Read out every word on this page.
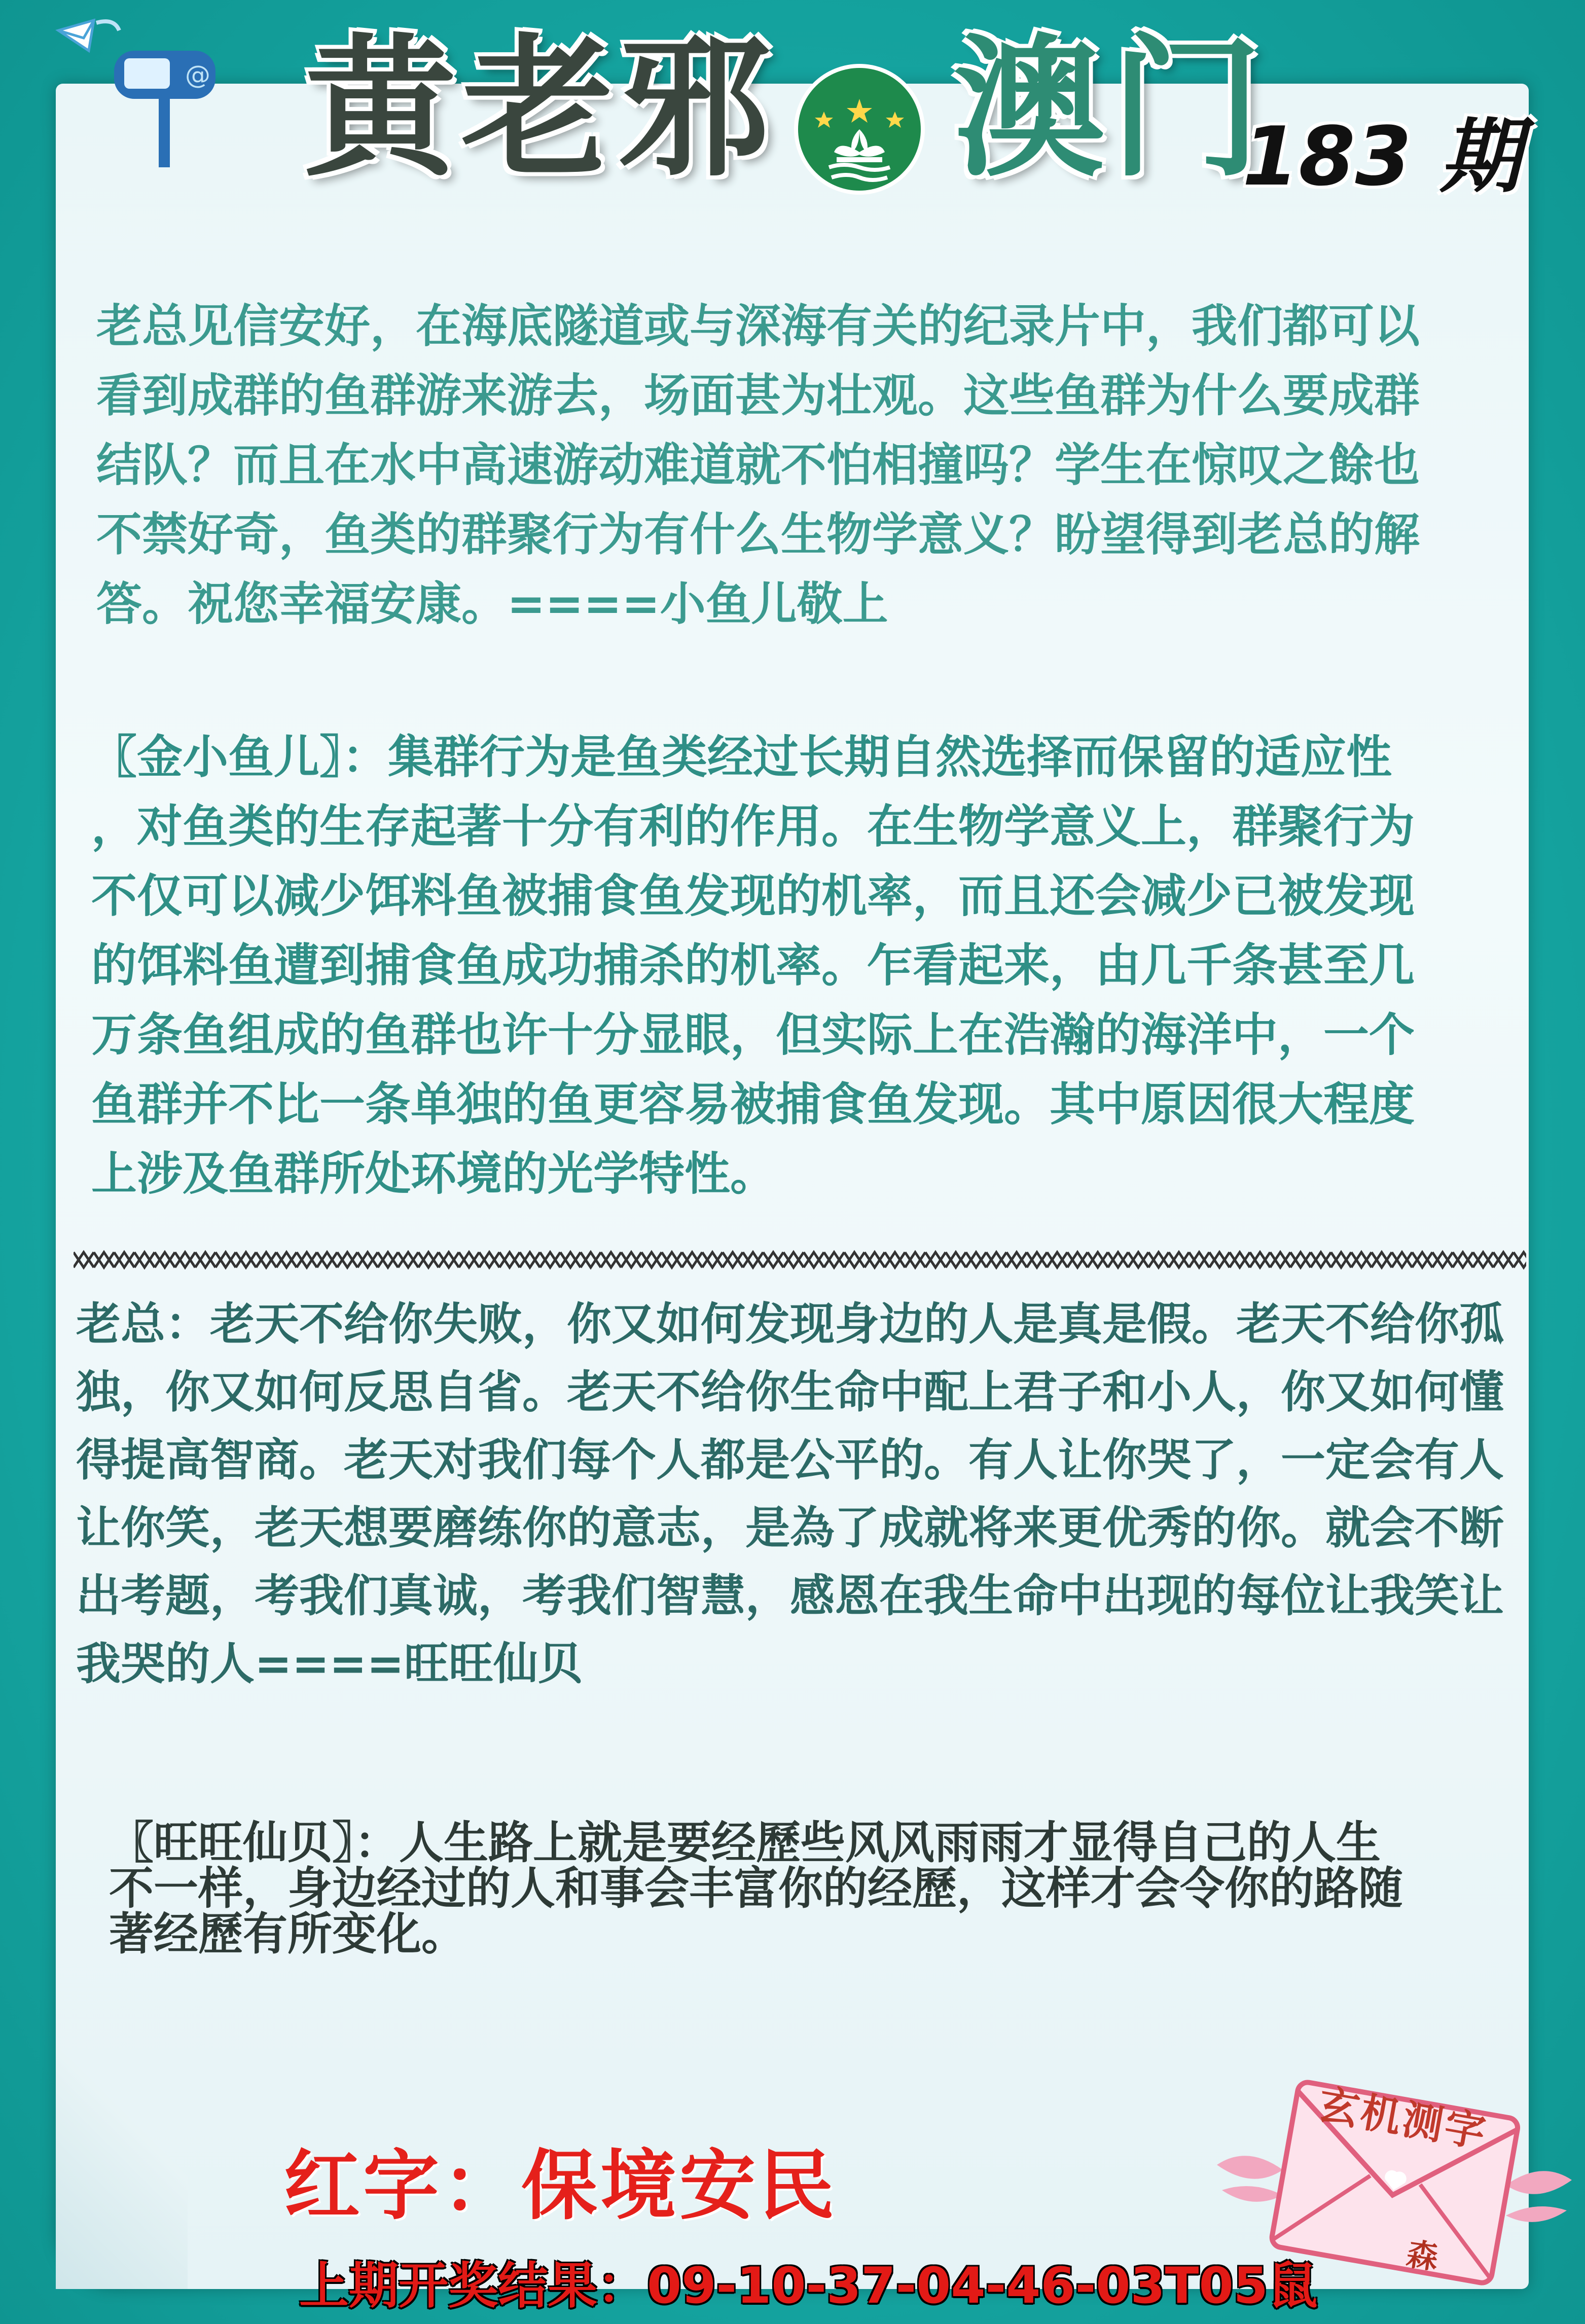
@ 黄老邪 澳门
183 期

老总见信安好，在海底隧道或与深海有关的纪录片中，我们都可以
看到成群的鱼群游来游去，场面甚为壮观。这些鱼群为什么要成群
结队？而且在水中高速游动难道就不怕相撞吗？学生在惊叹之餘也
不禁好奇，鱼类的群聚行为有什么生物学意义？盼望得到老总的解
答。祝您幸福安康。====小鱼儿敬上

〖金小鱼儿〗：集群行为是鱼类经过长期自然选择而保留的适应性
，对鱼类的生存起著十分有利的作用。在生物学意义上，群聚行为
不仅可以减少饵料鱼被捕食鱼发现的机率，而且还会减少已被发现
的饵料鱼遭到捕食鱼成功捕杀的机率。乍看起来，由几千条甚至几
万条鱼组成的鱼群也许十分显眼，但实际上在浩瀚的海洋中，一个
鱼群并不比一条单独的鱼更容易被捕食鱼发现。其中原因很大程度
上涉及鱼群所处环境的光学特性。

老总：老天不给你失败，你又如何发现身边的人是真是假。老天不给你孤
独，你又如何反思自省。老天不给你生命中配上君子和小人，你又如何懂
得提高智商。老天对我们每个人都是公平的。有人让你哭了，一定会有人
让你笑，老天想要磨练你的意志，是為了成就将来更优秀的你。就会不断
出考题，考我们真诚，考我们智慧，感恩在我生命中出现的每位让我笑让
我哭的人====旺旺仙贝

〖旺旺仙贝〗：人生路上就是要经歷些风风雨雨才显得自己的人生
不一样，身边经过的人和事会丰富你的经歷，这样才会令你的路随
著经歷有所变化。

红字：保境安民
上期开奖结果：09-10-37-04-46-03T05鼠
玄机测字
森
